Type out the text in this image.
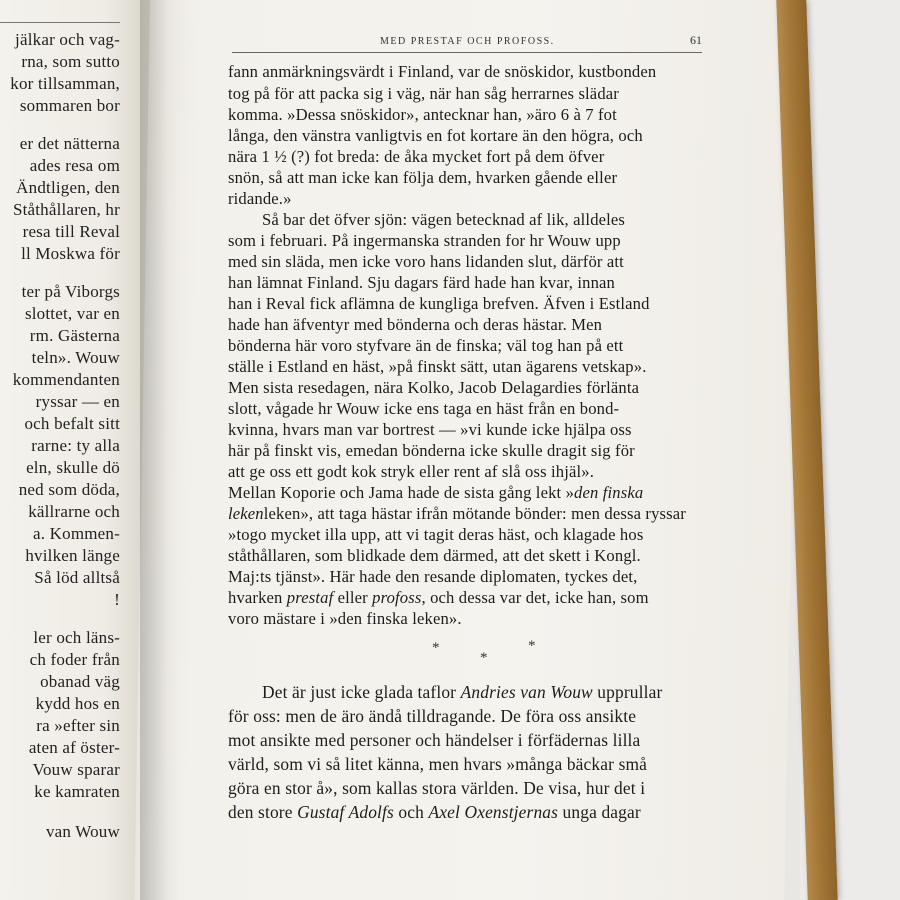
jälkar och vag-
rna, som sutto
kor tillsamman,
sommaren bor
er det nätterna
ades resa om
Ändtligen, den
Ståthållaren, hr
resa till Reval
ll Moskwa för
ter på Viborgs
slottet, var en
rm. Gästerna
teln». Wouw
kommendanten
ryssar — en
och befalt sitt
rarne: ty alla
eln, skulle dö
ned som döda,
källrarne och
a. Kommen-
hvilken länge
Så löd alltså
!
ler och läns-
ch foder från
obanad väg
kydd hos en
ra »efter sin
aten af öster-
Vouw sparar
ke kamraten
van Wouw
MED PRESTAF OCH PROFOSS.	61
fann anmärkningsvärdt i Finland, var de snöskidor, kustbonden
tog på för att packa sig i väg, när han såg herrarnes slädar
komma. »Dessa snöskidor», antecknar han, »äro 6 à 7 fot
långa, den vänstra vanligtvis en fot kortare än den högra, och
nära 1 ½ (?) fot breda: de åka mycket fort på dem öfver
snön, så att man icke kan följa dem, hvarken gående eller
ridande.»
Så bar det öfver sjön: vägen betecknad af lik, alldeles
som i februari. På ingermanska stranden for hr Wouw upp
med sin släda, men icke voro hans lidanden slut, därför att
han lämnat Finland. Sju dagars färd hade han kvar, innan
han i Reval fick aflämna de kungliga brefven. Äfven i Estland
hade han äfventyr med bönderna och deras hästar. Men
bönderna här voro styfvare än de finska; väl tog han på ett
ställe i Estland en häst, »på finskt sätt, utan ägarens vetskap».
Men sista resedagen, nära Kolko, Jacob Delagardies förlänta
slott, vågade hr Wouw icke ens taga en häst från en bond-
kvinna, hvars man var bortrest — »vi kunde icke hjälpa oss
här på finskt vis, emedan bönderna icke skulle dragit sig för
att ge oss ett godt kok stryk eller rent af slå oss ihjäl».
Mellan Koporie och Jama hade de sista gång lekt »den finska
lekenleken», att taga hästar ifrån mötande bönder: men dessa ryssar
»togo mycket illa upp, att vi tagit deras häst, och klagade hos
ståthållaren, som blidkade dem därmed, att det skett i Kongl.
Maj:ts tjänst». Här hade den resande diplomaten, tyckes det,
hvarken prestaf eller profoss, och dessa var det, icke han, som
voro mästare i »den finska leken».
*
*
*
Det är just icke glada taflor Andries van Wouw upprullar
för oss: men de äro ändå tilldragande. De föra oss ansikte
mot ansikte med personer och händelser i förfädernas lilla
värld, som vi så litet känna, men hvars »många bäckar små
göra en stor å», som kallas stora världen. De visa, hur det i
den store Gustaf Adolfs och Axel Oxenstjernas unga dagar
